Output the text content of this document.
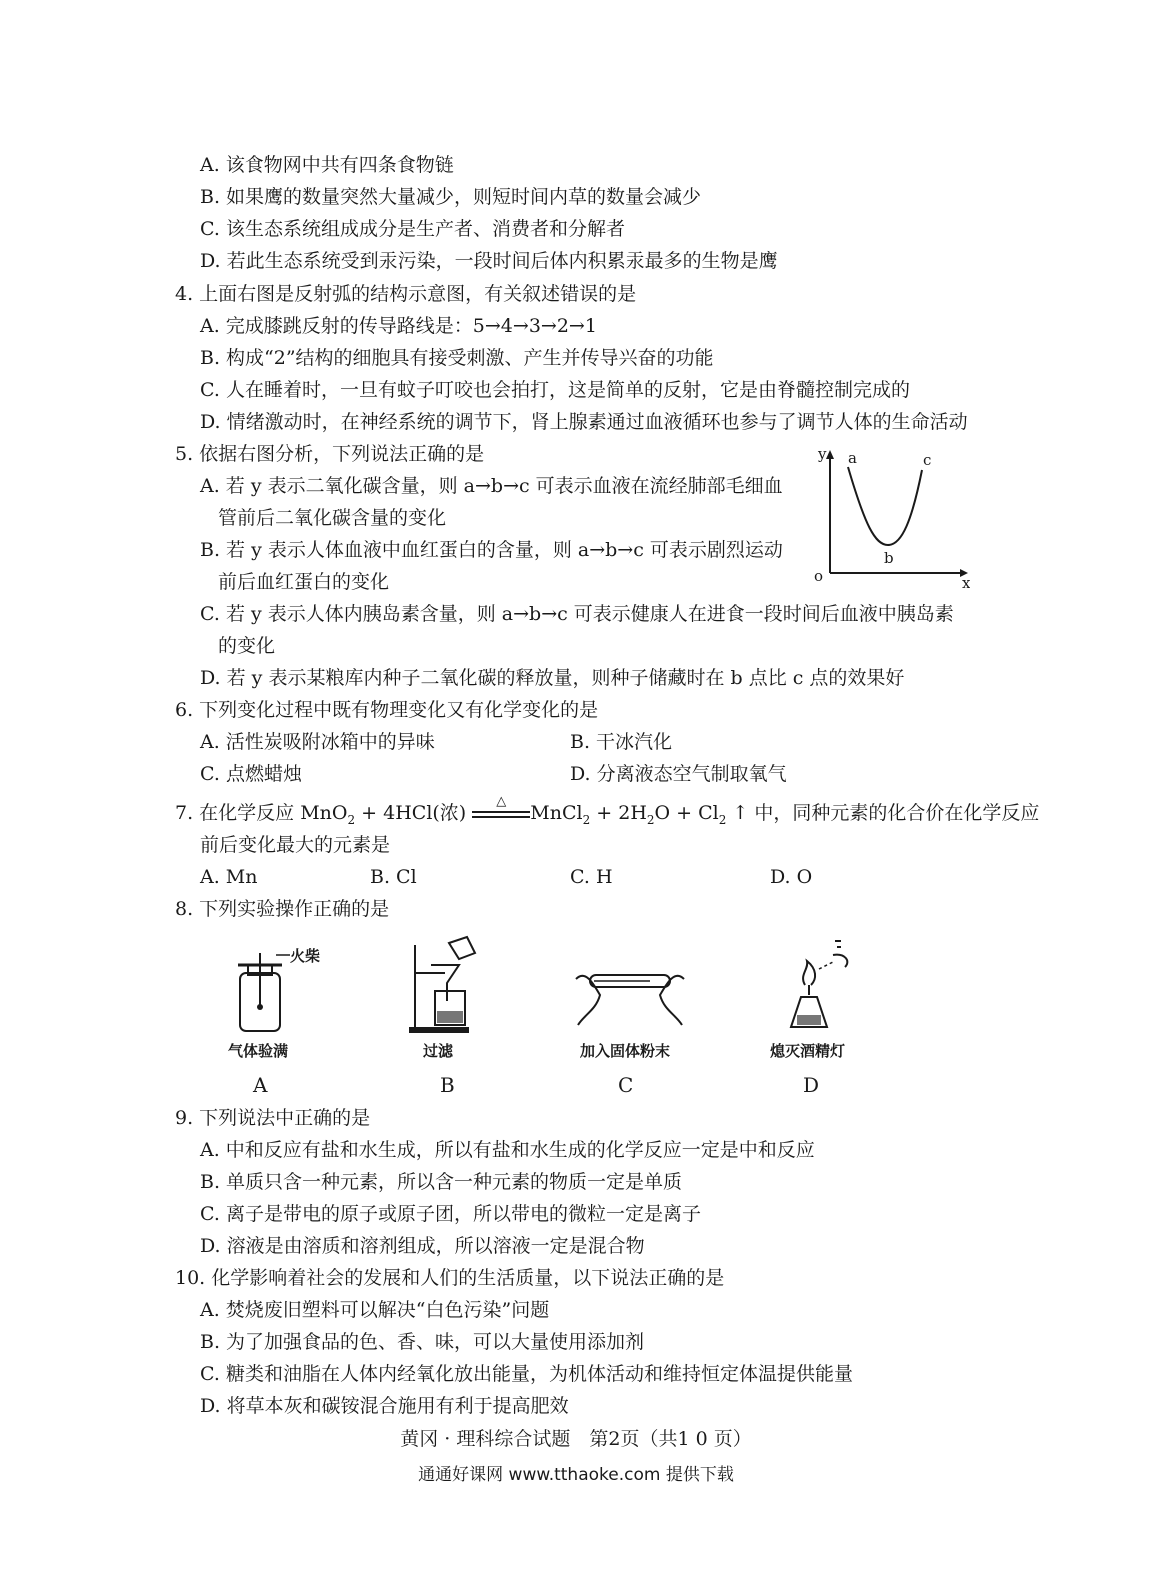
A. 该食物网中共有四条食物链
B. 如果鹰的数量突然大量减少，则短时间内草的数量会减少
C. 该生态系统组成成分是生产者、消费者和分解者
D. 若此生态系统受到汞污染，一段时间后体内积累汞最多的生物是鹰
4. 上面右图是反射弧的结构示意图，有关叙述错误的是
A. 完成膝跳反射的传导路线是：5→4→3→2→1
B. 构成“2”结构的细胞具有接受刺激、产生并传导兴奋的功能
C. 人在睡着时，一旦有蚊子叮咬也会拍打，这是简单的反射，它是由脊髓控制完成的
D. 情绪激动时，在神经系统的调节下，肾上腺素通过血液循环也参与了调节人体的生命活动
5. 依据右图分析，下列说法正确的是
A. 若 y 表示二氧化碳含量，则 a→b→c 可表示血液在流经肺部毛细血
管前后二氧化碳含量的变化
B. 若 y 表示人体血液中血红蛋白的含量，则 a→b→c 可表示剧烈运动
前后血红蛋白的变化
C. 若 y 表示人体内胰岛素含量，则 a→b→c 可表示健康人在进食一段时间后血液中胰岛素
的变化
D. 若 y 表示某粮库内种子二氧化碳的释放量，则种子储藏时在 b 点比 c 点的效果好
y
x
o
a
b
c
6. 下列变化过程中既有物理变化又有化学变化的是
A. 活性炭吸附冰箱中的异味	B. 干冰汽化
C. 点燃蜡烛	D. 分离液态空气制取氧气
7. 在化学反应 MnO$_2$ + 4HCl(浓)
△
MnCl$_2$ + $2H_2O + Cl_2$ ↑ 中，同种元素的化合价在化学反应
前后变化最大的元素是
A. Mn	B. Cl	C. H	D. O
8. 下列实验操作正确的是
火柴
气体验满
A
过滤
B
加入固体粉末
C
熄灭酒精灯
D
9. 下列说法中正确的是
A. 中和反应有盐和水生成，所以有盐和水生成的化学反应一定是中和反应
B. 单质只含一种元素，所以含一种元素的物质一定是单质
C. 离子是带电的原子或原子团，所以带电的微粒一定是离子
D. 溶液是由溶质和溶剂组成，所以溶液一定是混合物
10. 化学影响着社会的发展和人们的生活质量，以下说法正确的是
A. 焚烧废旧塑料可以解决“白色污染”问题
B. 为了加强食品的色、香、味，可以大量使用添加剂
C. 糖类和油脂在人体内经氧化放出能量，为机体活动和维持恒定体温提供能量
D. 将草本灰和碳铵混合施用有利于提高肥效
黄冈 · 理科综合试题　第2页（共1 0 页）
通通好课网 www.tthaoke.com 提供下载
